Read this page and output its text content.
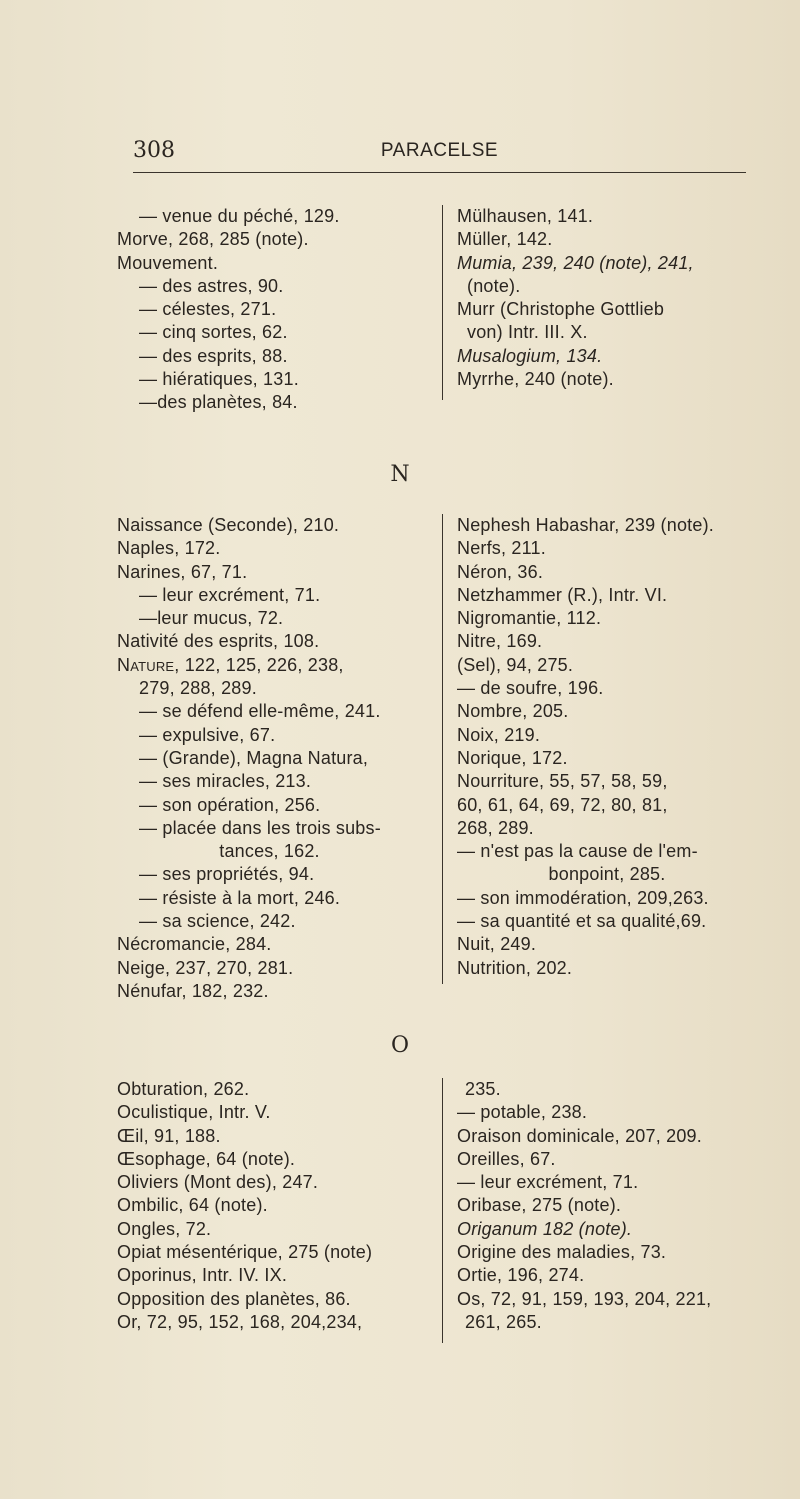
308	PARACELSE
— venue du péché, 129.
Morve, 268, 285 (note).
Mouvement.
— des astres, 90.
— célestes, 271.
— cinq sortes, 62.
— des esprits, 88.
— hiératiques, 131.
—des planètes, 84.
Mülhausen, 141.
Müller, 142.
Mumia, 239, 240 (note), 241,
(note).
Murr (Christophe Gottlieb
von) Intr. III. X.
Musalogium, 134.
Myrrhe, 240 (note).
N
Naissance (Seconde), 210.
Naples, 172.
Narines, 67, 71.
— leur excrément, 71.
—leur mucus, 72.
Nativité des esprits, 108.
Nature, 122, 125, 226, 238,
279, 288, 289.
— se défend elle-même, 241.
— expulsive, 67.
— (Grande), Magna Natura,
— ses miracles, 213.
— son opération, 256.
— placée dans les trois subs-
tances, 162.
— ses propriétés, 94.
— résiste à la mort, 246.
— sa science, 242.
Nécromancie, 284.
Neige, 237, 270, 281.
Nénufar, 182, 232.
Nephesh Habashar, 239 (note).
Nerfs, 211.
Néron, 36.
Netzhammer (R.), Intr. VI.
Nigromantie, 112.
Nitre, 169.
(Sel), 94, 275.
— de soufre, 196.
Nombre, 205.
Noix, 219.
Norique, 172.
Nourriture, 55, 57, 58, 59,
60, 61, 64, 69, 72, 80, 81,
268, 289.
— n'est pas la cause de l'em-
bonpoint, 285.
— son immodération, 209,263.
— sa quantité et sa qualité,69.
Nuit, 249.
Nutrition, 202.
O
Obturation, 262.
Oculistique, Intr. V.
Œil, 91, 188.
Œsophage, 64 (note).
Oliviers (Mont des), 247.
Ombilic, 64 (note).
Ongles, 72.
Opiat mésentérique, 275 (note)
Oporinus, Intr. IV. IX.
Opposition des planètes, 86.
Or, 72, 95, 152, 168, 204,234,
235.
— potable, 238.
Oraison dominicale, 207, 209.
Oreilles, 67.
— leur excrément, 71.
Oribase, 275 (note).
Origanum 182 (note).
Origine des maladies, 73.
Ortie, 196, 274.
Os, 72, 91, 159, 193, 204, 221,
261, 265.
